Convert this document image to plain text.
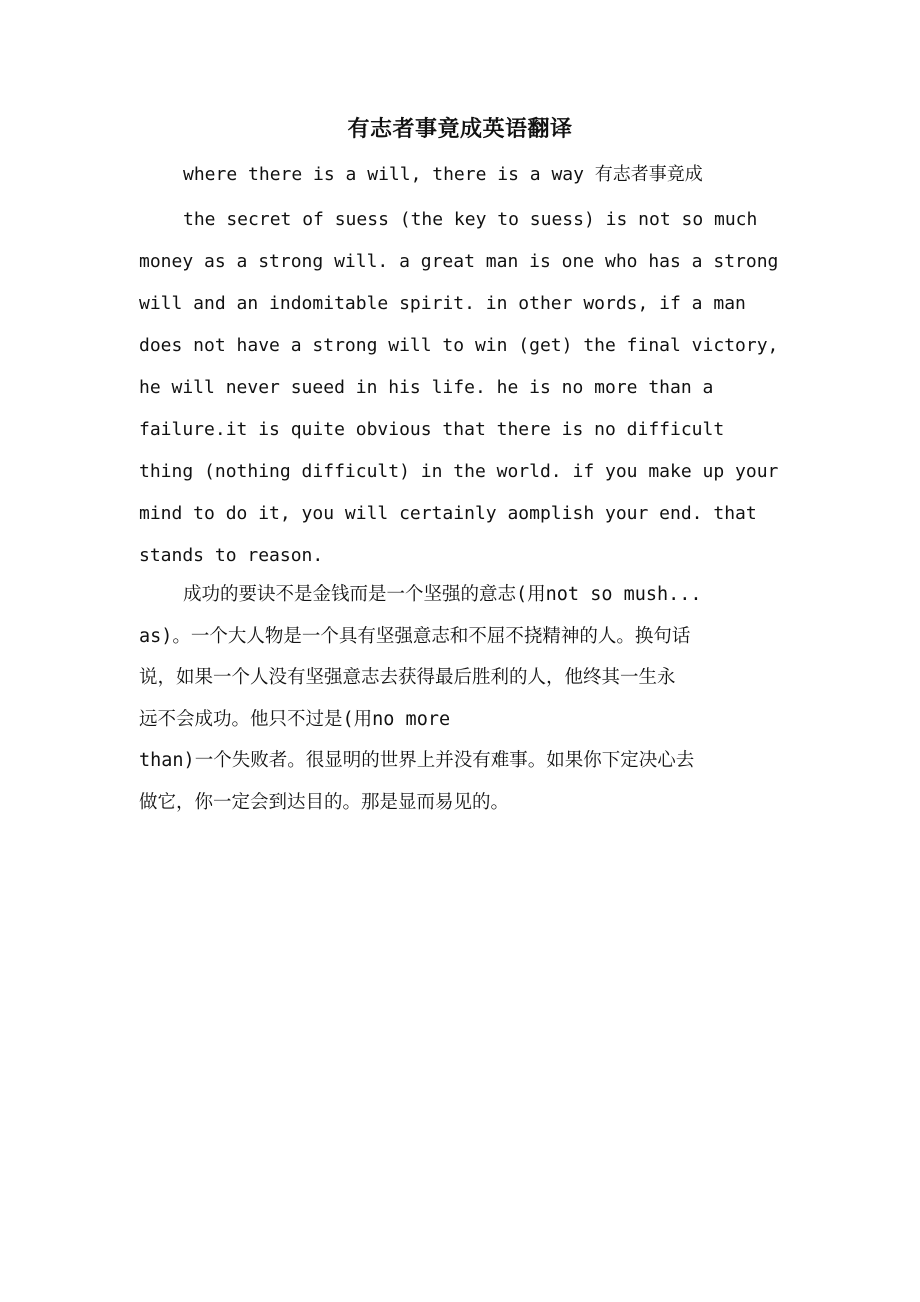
有志者事竟成英语翻译
where there is a will, there is a way 有志者事竟成
the secret of suess (the key to suess) is not so much
money as a strong will. a great man is one who has a strong
will and an indomitable spirit. in other words, if a man
does not have a strong will to win (get) the final victory,
he will never sueed in his life. he is no more than a
failure.it is quite obvious that there is no difficult
thing (nothing difficult) in the world. if you make up your
mind to do it, you will certainly aomplish your end. that
stands to reason.
成功的要诀不是金钱而是一个坚强的意志(用not so mush...
as)。一个大人物是一个具有坚强意志和不屈不挠精神的人。换句话
说，如果一个人没有坚强意志去获得最后胜利的人，他终其一生永
远不会成功。他只不过是(用no more
than)一个失败者。很显明的世界上并没有难事。如果你下定决心去
做它，你一定会到达目的。那是显而易见的。
